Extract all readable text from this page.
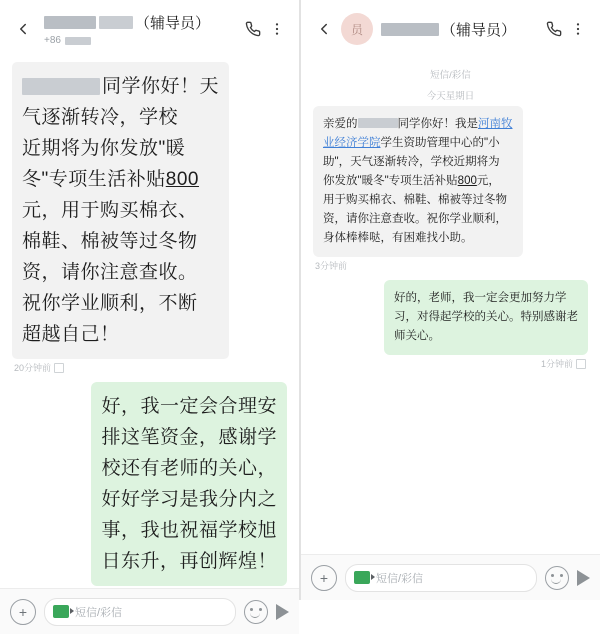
（辅导员）
+86
同学你好！天
气逐渐转冷，学校
近期将为你发放"暖
冬"专项生活补贴800
元，用于购买棉衣、
棉鞋、棉被等过冬物
资，请你注意查收。
祝你学业顺利，不断
超越自己！
20分钟前
好，我一定会合理安
排这笔资金，感谢学
校还有老师的关心，
好好学习是我分内之
事，我也祝福学校旭
日东升，再创辉煌！
+	短信/彩信
员	（辅导员）
短信/彩信
今天星期日
亲爱的	同学你好！我是河南牧
业经济学院学生资助管理中心的"小
助"，天气逐渐转冷，学校近期将为
你发放"暖冬"专项生活补贴800元，
用于购买棉衣、棉鞋、棉被等过冬物
资，请你注意查收。祝你学业顺利，
身体棒棒哒，有困难找小助。
3分钟前
好的，老师，我一定会更加努力学
习，对得起学校的关心。特别感谢老
师关心。
1分钟前
+	短信/彩信
